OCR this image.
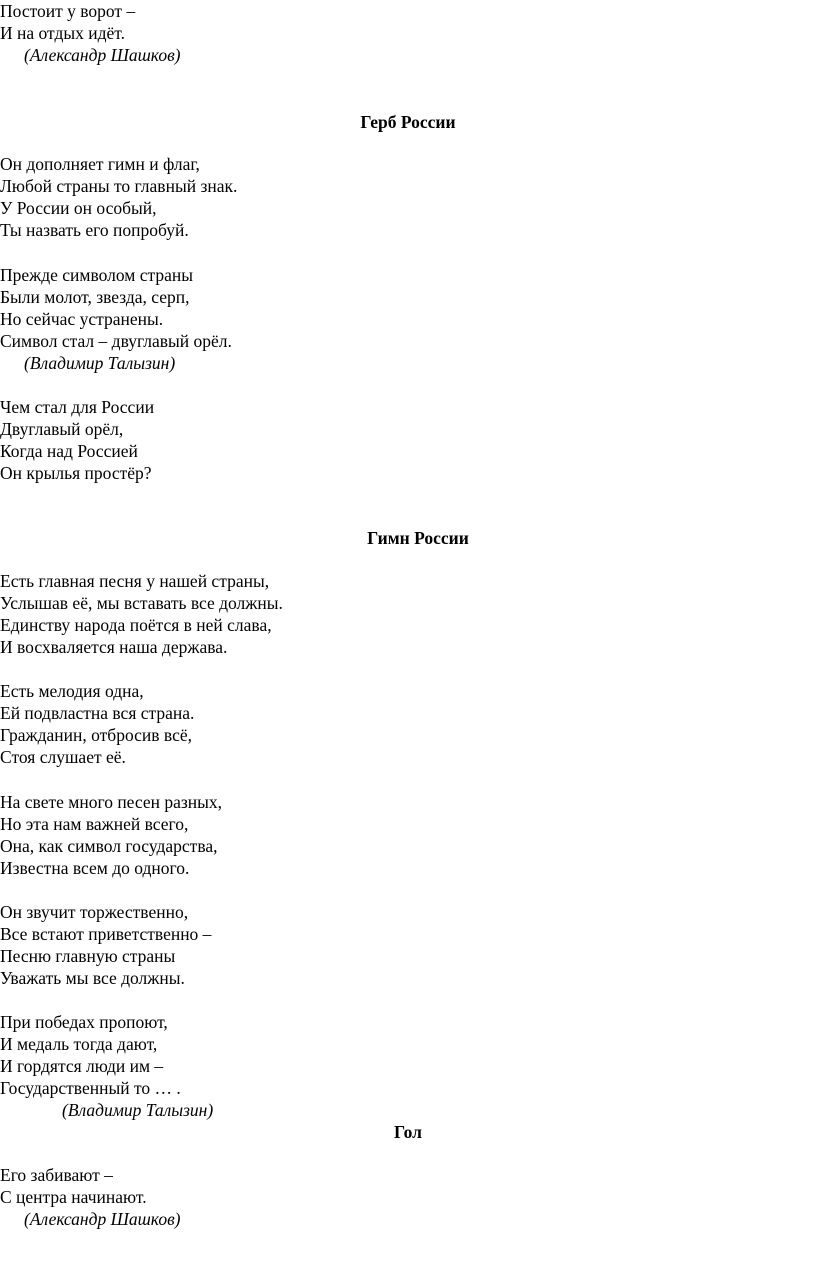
Постоит у ворот –
И на отдых идёт.
(Александр Шашков)
Герб России
Он дополняет гимн и флаг,
Любой страны то главный знак.
У России он особый,
Ты назвать его попробуй.
Прежде символом страны
Были молот, звезда, серп,
Но сейчас устранены.
Символ стал – двуглавый орёл.
(Владимир Талызин)
Чем стал для России
Двуглавый орёл,
Когда над Россией
Он крылья простёр?
Гимн России
Есть главная песня у нашей страны,
Услышав её, мы вставать все должны.
Единству народа поётся в ней слава,
И восхваляется наша держава.
Есть мелодия одна,
Ей подвластна вся страна.
Гражданин, отбросив всё,
Стоя слушает её.
На свете много песен разных,
Но эта нам важней всего,
Она, как символ государства,
Известна всем до одного.
Он звучит торжественно,
Все встают приветственно –
Песню главную страны
Уважать мы все должны.
При победах пропоют,
И медаль тогда дают,
И гордятся люди им –
Государственный то … .
(Владимир Талызин)
Гол
Его забивают –
С центра начинают.
(Александр Шашков)
